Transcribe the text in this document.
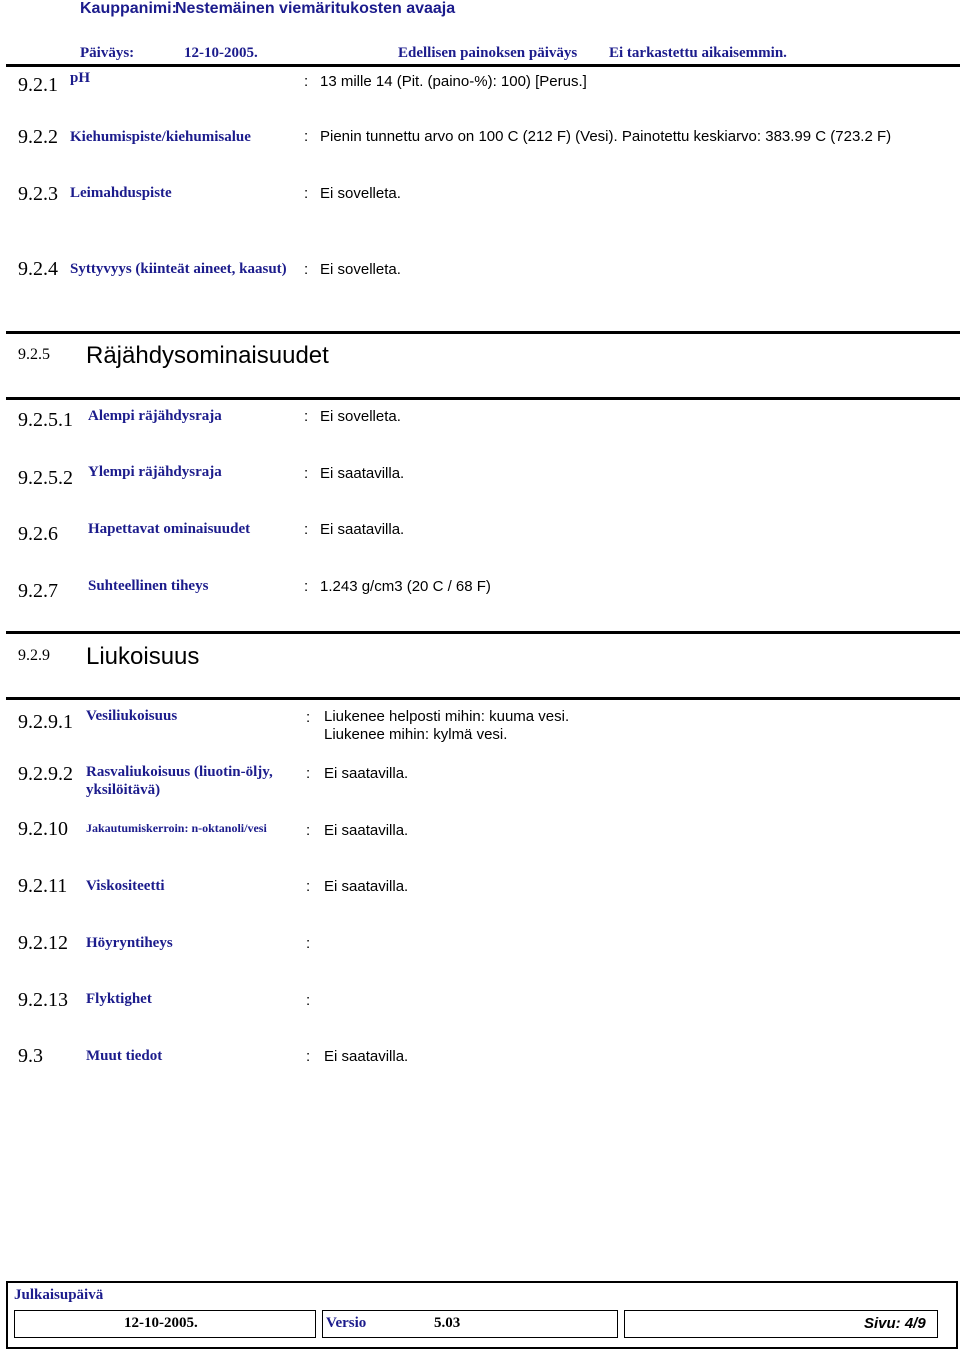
Kauppanimi:
Nestemäinen viemäritukosten avaaja
Päiväys:	12-10-2005.	Edellisen painoksen päiväys Ei tarkastettu aikaisemmin.
9.2.1 pH	: 13 mille 14 (Pit. (paino-%): 100) [Perus.]
9.2.2 Kiehumispiste/kiehumisalue	: Pienin tunnettu arvo on 100 C (212 F) (Vesi). Painotettu keskiarvo: 383.99 C (723.2 F)
9.2.3 Leimahduspiste	: Ei sovelleta.
9.2.4 Syttyvyys (kiinteät aineet, kaasut) : Ei sovelleta.
9.2.5 Räjähdysominaisuudet
9.2.5.1 Alempi räjähdysraja	: Ei sovelleta.
9.2.5.2 Ylempi räjähdysraja	: Ei saatavilla.
9.2.6 Hapettavat ominaisuudet	: Ei saatavilla.
9.2.7 Suhteellinen tiheys	: 1.243 g/cm3 (20 C / 68 F)
9.2.9 Liukoisuus
9.2.9.1 Vesiliukoisuus	: Liukenee helposti mihin: kuuma vesi.
Liukenee mihin: kylmä vesi.
9.2.9.2 Rasvaliukoisuus (liuotin-öljy,
yksilöitävä)
: Ei saatavilla.
9.2.10 Jakautumiskerroin: n-oktanoli/vesi	: Ei saatavilla.
9.2.11 Viskositeetti	: Ei saatavilla.
9.2.12 Höyryntiheys	:
9.2.13 Flyktighet	:
9.3	Muut tiedot	: Ei saatavilla.
Julkaisupäivä
12-10-2005.	Versio	5.03	Sivu: 4/9
